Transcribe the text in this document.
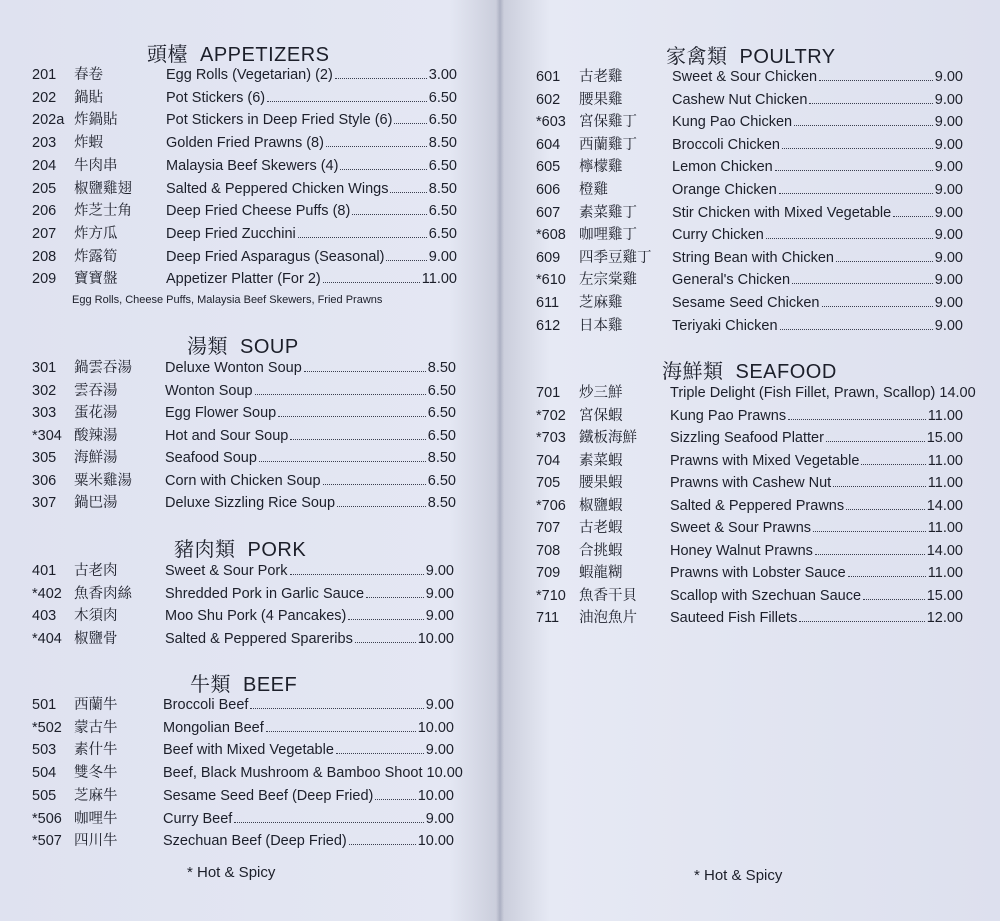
頭檯 APPETIZERS
201 春卷	Egg Rolls (Vegetarian) (2)	3.00
202 鍋貼	Pot Stickers (6)	6.50
202a 炸鍋貼	Pot Stickers in Deep Fried Style (6)	6.50
203 炸蝦	Golden Fried Prawns (8)	8.50
204 牛肉串	Malaysia Beef Skewers (4)	6.50
205 椒鹽雞翅 Salted & Peppered Chicken Wings	8.50
206 炸芝士角 Deep Fried Cheese Puffs (8)	6.50
207 炸方瓜	Deep Fried Zucchini	6.50
208 炸露筍	Deep Fried Asparagus (Seasonal)	9.00
209 寶寶盤	Appetizer Platter (For 2)	11.00
Egg Rolls, Cheese Puffs, Malaysia Beef Skewers, Fried Prawns
湯類 SOUP
301 鍋雲吞湯 Deluxe Wonton Soup	8.50
302 雲吞湯	Wonton Soup	6.50
303 蛋花湯	Egg Flower Soup	6.50
*304 酸辣湯	Hot and Sour Soup	6.50
305 海鮮湯	Seafood Soup	8.50
306 粟米雞湯 Corn with Chicken Soup	6.50
307 鍋巴湯	Deluxe Sizzling Rice Soup	8.50
豬肉類 PORK
401 古老肉	Sweet & Sour Pork	9.00
*402 魚香肉絲 Shredded Pork in Garlic Sauce	9.00
403 木須肉	Moo Shu Pork (4 Pancakes)	9.00
*404 椒鹽骨	Salted & Peppered Spareribs	10.00
牛類 BEEF
501 西蘭牛	Broccoli Beef	9.00
*502 蒙古牛	Mongolian Beef	10.00
503 素什牛	Beef with Mixed Vegetable	9.00
504 雙冬牛	Beef, Black Mushroom & Bamboo Shoot 10.00
505 芝麻牛	Sesame Seed Beef (Deep Fried)	10.00
*506 咖哩牛	Curry Beef	9.00
*507 四川牛	Szechuan Beef (Deep Fried)	10.00
* Hot & Spicy
家禽類 POULTRY
601 古老雞	Sweet & Sour Chicken	9.00
602 腰果雞	Cashew Nut Chicken	9.00
*603 宮保雞丁 Kung Pao Chicken	9.00
604 西蘭雞丁 Broccoli Chicken	9.00
605 檸檬雞	Lemon Chicken	9.00
606 橙雞	Orange Chicken	9.00
607 素菜雞丁 Stir Chicken with Mixed Vegetable	9.00
*608 咖哩雞丁 Curry Chicken	9.00
609 四季豆雞丁 String Bean with Chicken	9.00
*610 左宗棠雞 General's Chicken	9.00
611 芝麻雞	Sesame Seed Chicken	9.00
612 日本雞	Teriyaki Chicken	9.00
海鮮類 SEAFOOD
701 炒三鮮	Triple Delight (Fish Fillet, Prawn, Scallop) 14.00
*702 宮保蝦	Kung Pao Prawns	11.00
*703 鐵板海鮮 Sizzling Seafood Platter	15.00
704 素菜蝦	Prawns with Mixed Vegetable	11.00
705 腰果蝦	Prawns with Cashew Nut	11.00
*706 椒鹽蝦	Salted & Peppered Prawns	14.00
707 古老蝦	Sweet & Sour Prawns	11.00
708 合挑蝦	Honey Walnut Prawns	14.00
709 蝦龍糊	Prawns with Lobster Sauce	11.00
*710 魚香干貝 Scallop with Szechuan Sauce	15.00
711 油泡魚片 Sauteed Fish Fillets	12.00
* Hot & Spicy
